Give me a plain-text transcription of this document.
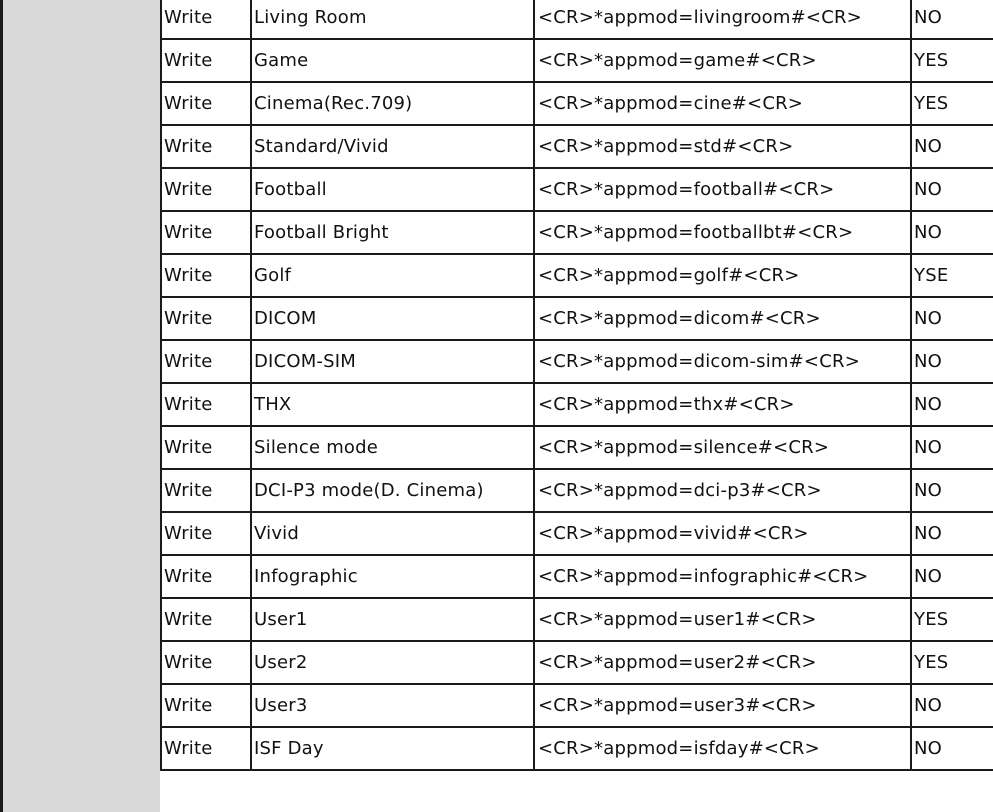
Write	Living Room	<CR>*appmod=livingroom#<CR>	NO
Write	Game	<CR>*appmod=game#<CR>	YES
Write	Cinema(Rec.709)	<CR>*appmod=cine#<CR>	YES
Write	Standard/Vivid	<CR>*appmod=std#<CR>	NO
Write	Football	<CR>*appmod=football#<CR>	NO
Write	Football Bright	<CR>*appmod=footballbt#<CR>	NO
Write	Golf	<CR>*appmod=golf#<CR>	YSE
Write	DICOM	<CR>*appmod=dicom#<CR>	NO
Write	DICOM-SIM	<CR>*appmod=dicom-sim#<CR>	NO
Write	THX	<CR>*appmod=thx#<CR>	NO
Write	Silence mode	<CR>*appmod=silence#<CR>	NO
Write	DCI-P3 mode(D. Cinema)	<CR>*appmod=dci-p3#<CR>	NO
Write	Vivid	<CR>*appmod=vivid#<CR>	NO
Write	Infographic	<CR>*appmod=infographic#<CR>	NO
Write	User1	<CR>*appmod=user1#<CR>	YES
Write	User2	<CR>*appmod=user2#<CR>	YES
Write	User3	<CR>*appmod=user3#<CR>	NO
Write	ISF Day	<CR>*appmod=isfday#<CR>	NO
